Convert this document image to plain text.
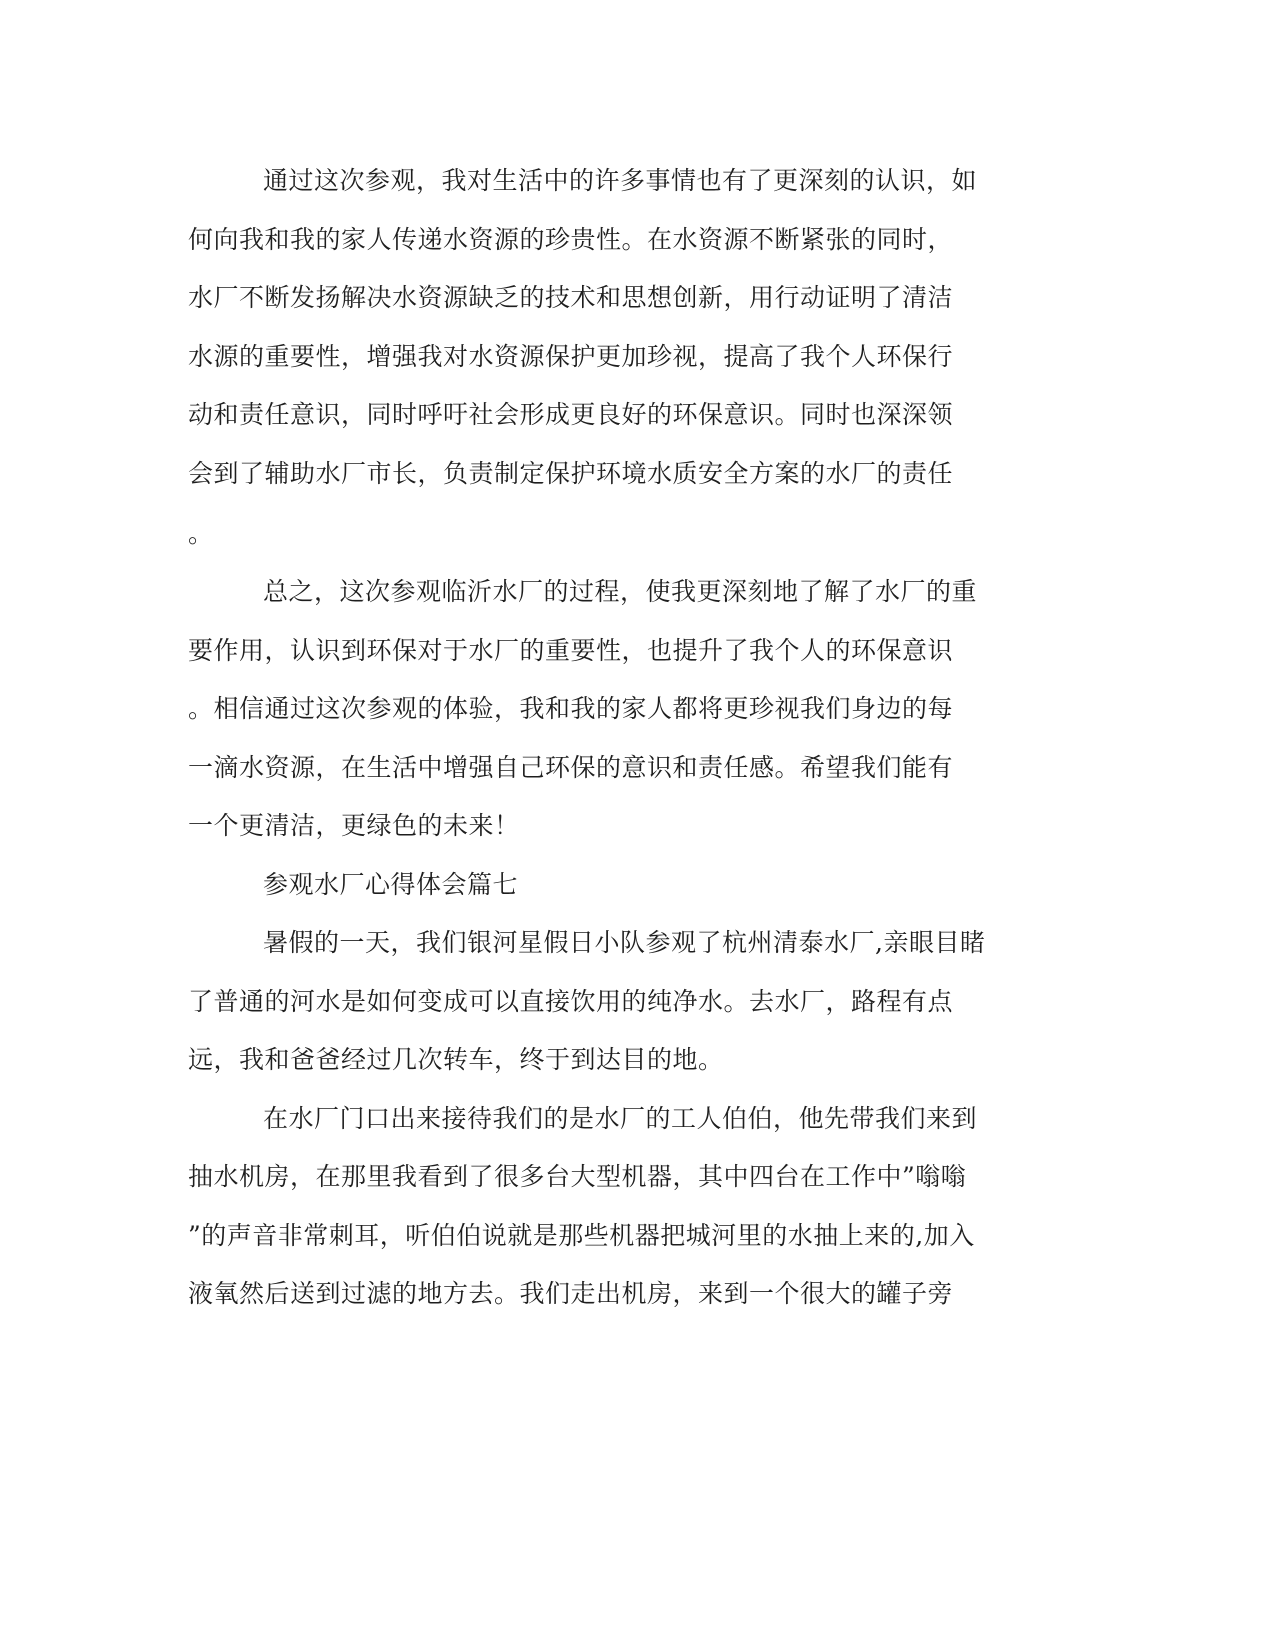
通过这次参观，我对生活中的许多事情也有了更深刻的认识，如
何向我和我的家人传递水资源的珍贵性。在水资源不断紧张的同时，
水厂不断发扬解决水资源缺乏的技术和思想创新，用行动证明了清洁
水源的重要性，增强我对水资源保护更加珍视，提高了我个人环保行
动和责任意识，同时呼吁社会形成更良好的环保意识。同时也深深领
会到了辅助水厂市长，负责制定保护环境水质安全方案的水厂的责任
。
总之，这次参观临沂水厂的过程，使我更深刻地了解了水厂的重
要作用，认识到环保对于水厂的重要性，也提升了我个人的环保意识
。相信通过这次参观的体验，我和我的家人都将更珍视我们身边的每
一滴水资源，在生活中增强自己环保的意识和责任感。希望我们能有
一个更清洁，更绿色的未来！
参观水厂心得体会篇七
暑假的一天，我们银河星假日小队参观了杭州清泰水厂,亲眼目睹
了普通的河水是如何变成可以直接饮用的纯净水。去水厂，路程有点
远，我和爸爸经过几次转车，终于到达目的地。
在水厂门口出来接待我们的是水厂的工人伯伯，他先带我们来到
抽水机房，在那里我看到了很多台大型机器，其中四台在工作中”嗡嗡
”的声音非常刺耳，听伯伯说就是那些机器把城河里的水抽上来的,加入
液氧然后送到过滤的地方去。我们走出机房，来到一个很大的罐子旁
